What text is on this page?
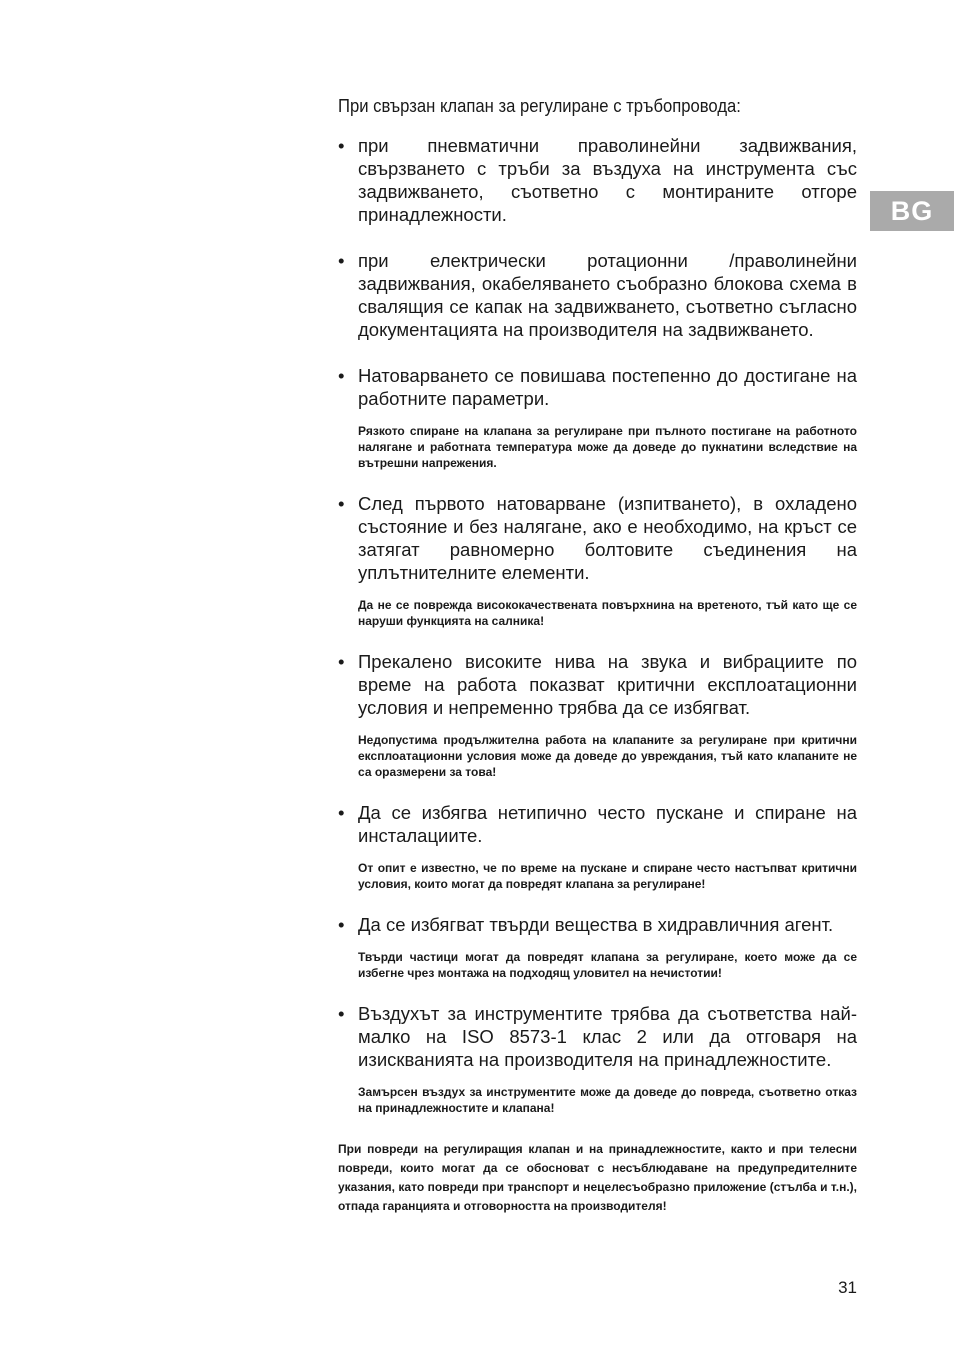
BG

При свързан клапан за регулиране с тръбопровода:

• при пневматични праволинейни задвижвания, свързването с тръби за въздуха на инструмента със задвижването, съответно с монтираните отгоре принадлежности.
• при електрически ротационни /праволинейни задвижвания, окабеляването съобразно блокова схема в свалящия се капак на задвижването, съответно съгласно документацията на производителя на задвижването.
• Натоварването се повишава постепенно до достигане на работните параметри.
Рязкото спиране на клапана за регулиране при пълното постигане на работното налягане и работната температура може да доведе до пукнатини вследствие на вътрешни напрежения.
• След първото натоварване (изпитването), в охладено състояние и без налягане, ако е необходимо, на кръст се затягат равномерно болтовите съединения на уплътнителните елементи.
Да не се поврежда висококачествената повърхнина на вретеното, тъй като ще се наруши функцията на салника!
• Прекалено високите нива на звука и вибрациите по време на работа показват критични експлоатационни условия и непременно трябва да се избягват.
Недопустима продължителна работа на клапаните за регулиране при критични експлоатационни условия може да доведе до увреждания, тъй като клапаните не са оразмерени за това!
• Да се избягва нетипично често пускане и спиране на инсталациите.
От опит е известно, че по време на пускане и спиране често настъпват критични условия, които могат да повредят клапана за регулиране!
• Да се избягват твърди вещества в хидравличния агент.
Твърди частици могат да повредят клапана за регулиране, което може да се избегне чрез монтажа на подходящ уловител на нечистотии!
• Въздухът за инструментите трябва да съответства най-малко на ISO 8573-1 клас 2 или да отговаря на изискванията на производителя на принадлежностите.
Замърсен въздух за инструментите може да доведе до повреда, съответно отказ на принадлежностите и клапана!
При повреди на регулиращия клапан и на принадлежностите, както и при телесни повреди, които могат да се обосноват с несъблюдаване на предупредителните указания, като повреди при транспорт и нецелесъобразно приложение (стълба и т.н.), отпада гаранцията и отговорността на производителя!
31
